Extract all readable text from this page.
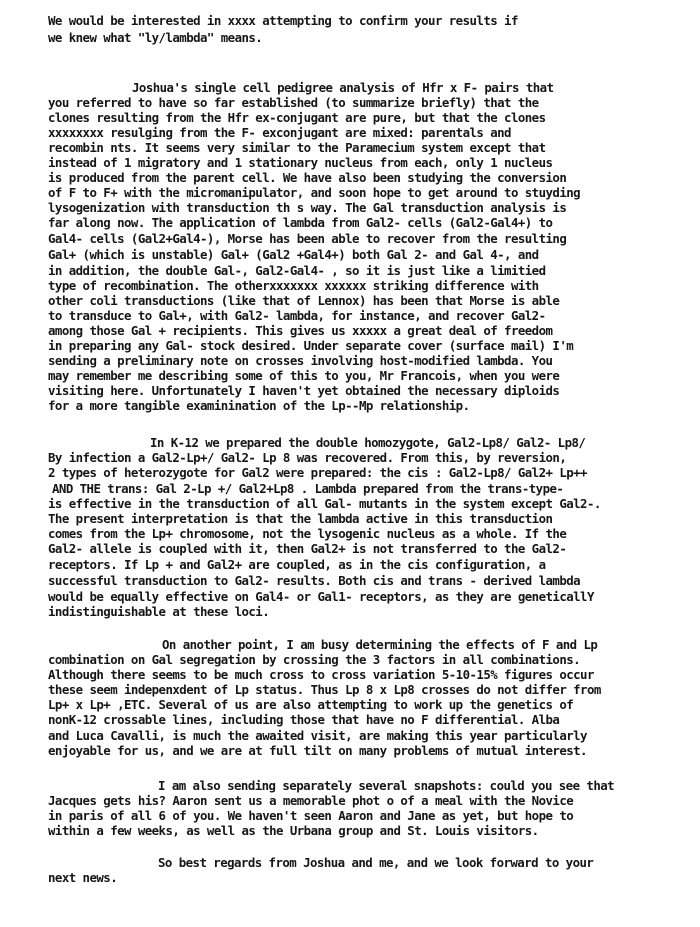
We would be interested in xxxx attempting to confirm your results if
we knew what "ly/lambda" means.
Joshua's single cell pedigree analysis of Hfr x F- pairs that
you referred to have so far established (to summarize briefly) that the
clones resulting from the Hfr ex-conjugant are pure, but that the clones
xxxxxxxx resulging from the F- exconjugant are mixed: parentals and
recombin nts. It seems very similar to the Paramecium system except that
instead of 1 migratory and 1 stationary nucleus from each, only 1 nucleus
is produced from the parent cell. We have also been studying the conversion
of F to F+ with the micromanipulator, and soon hope to get around to stuyding
lysogenization with transduction th s way. The Gal transduction analysis is
far along now. The application of lambda from Gal2- cells (Gal2-Gal4+) to
Gal4- cells (Gal2+Gal4-), Morse has been able to recover from the resulting
Gal+ (which is unstable) Gal+ (Gal2 +Gal4+) both Gal 2- and Gal 4-, and
in addition, the double Gal-, Gal2-Gal4- , so it is just like a limitied
type of recombination. The otherxxxxxxx xxxxxx striking difference with
other coli transductions (like that of Lennox) has been that Morse is able
to transduce to Gal+, with Gal2- lambda, for instance, and recover Gal2-
among those Gal + recipients. This gives us xxxxx a great deal of freedom
in preparing any Gal- stock desired. Under separate cover (surface mail) I'm
sending a preliminary note on crosses involving host-modified lambda. You
may remember me describing some of this to you, Mr Francois, when you were
visiting here. Unfortunately I haven't yet obtained the necessary diploids
for a more tangible examinination of the Lp--Mp relationship.
In K-12 we prepared the double homozygote, Gal2-Lp8/ Gal2- Lp8/
By infection a Gal2-Lp+/ Gal2- Lp 8 was recovered. From this, by reversion,
2 types of heterozygote for Gal2 were prepared: the cis : Gal2-Lp8/ Gal2+ Lp++
AND THE trans: Gal 2-Lp +/ Gal2+Lp8 . Lambda prepared from the trans-type-
is effective in the transduction of all Gal- mutants in the system except Gal2-.
The present interpretation is that the lambda active in this transduction
comes from the Lp+ chromosome, not the lysogenic nucleus as a whole. If the
Gal2- allele is coupled with it, then Gal2+ is not transferred to the Gal2-
receptors. If Lp + and Gal2+ are coupled, as in the cis configuration, a
successful transduction to Gal2- results. Both cis and trans - derived lambda
would be equally effective on Gal4- or Gal1- receptors, as they are geneticallY
indistinguishable at these loci.
On another point, I am busy determining the effects of F and Lp
combination on Gal segregation by crossing the 3 factors in all combinations.
Although there seems to be much cross to cross variation 5-10-15% figures occur
these seem indepenxdent of Lp status. Thus Lp 8 x Lp8 crosses do not differ from
Lp+ x Lp+ ,ETC. Several of us are also attempting to work up the genetics of
nonK-12 crossable lines, including those that have no F differential. Alba
and Luca Cavalli, is much the awaited visit, are making this year particularly
enjoyable for us, and we are at full tilt on many problems of mutual interest.
I am also sending separately several snapshots: could you see that
Jacques gets his? Aaron sent us a memorable phot o of a meal with the Novice
in paris of all 6 of you. We haven't seen Aaron and Jane as yet, but hope to
within a few weeks, as well as the Urbana group and St. Louis visitors.
So best regards from Joshua and me, and we look forward to your
next news.
